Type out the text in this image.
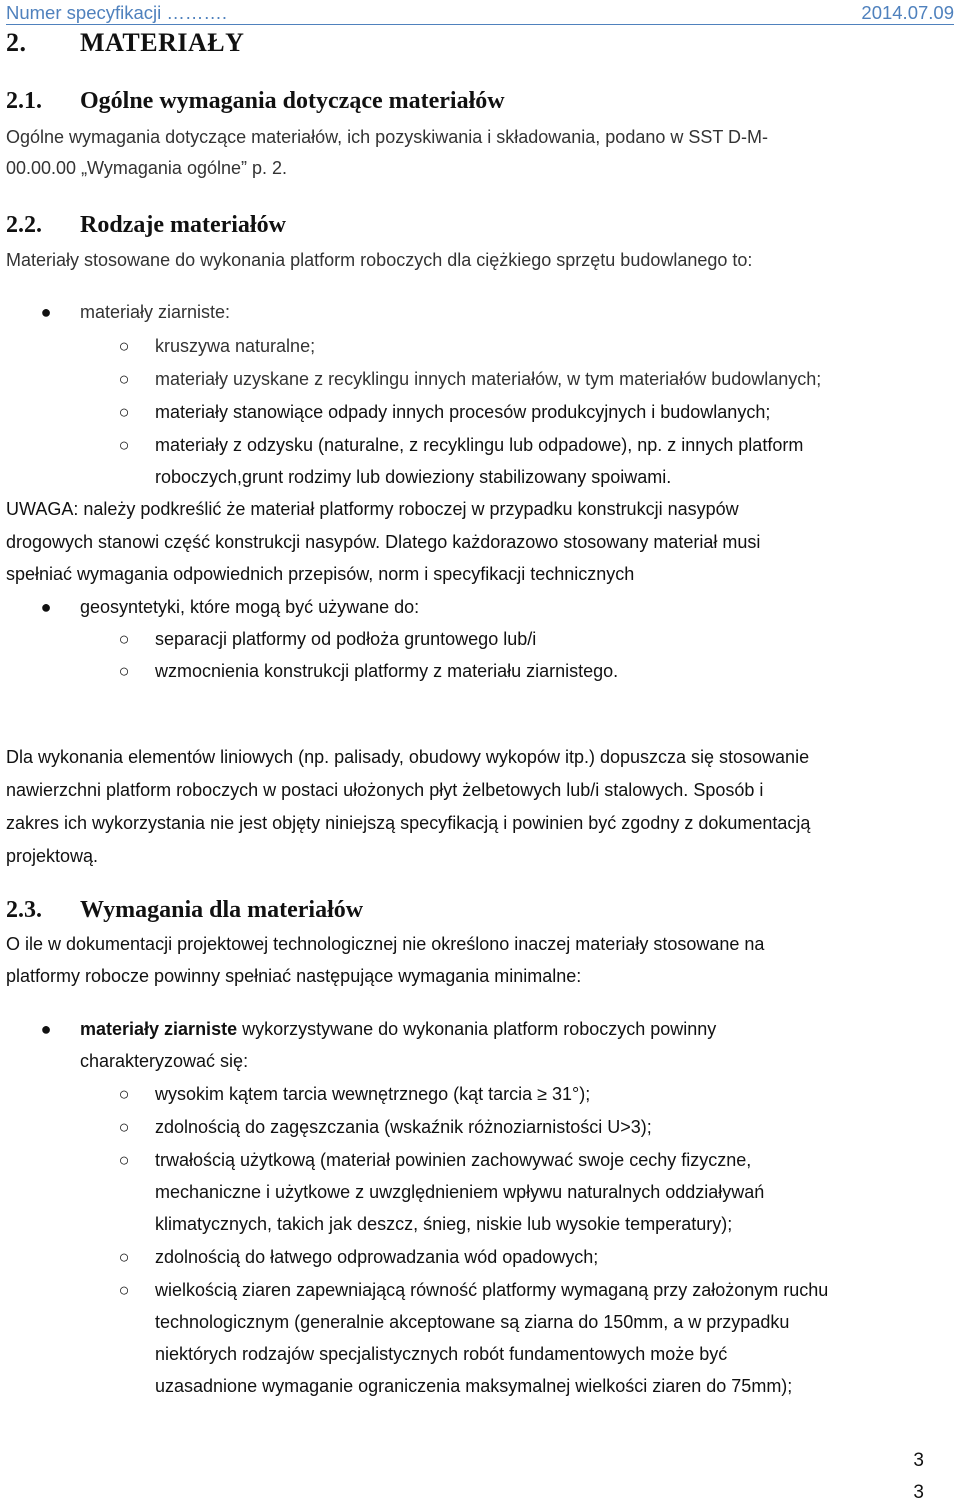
Numer specyfikacji ……….	2014.07.09
2. MATERIAŁY
2.1. Ogólne wymagania dotyczące materiałów
Ogólne wymagania dotyczące materiałów, ich pozyskiwania i składowania, podano w SST D-M-
00.00.00 „Wymagania ogólne” p. 2.
2.2. Rodzaje materiałów
Materiały stosowane do wykonania platform roboczych dla ciężkiego sprzętu budowlanego to:
● materiały ziarniste:
○ kruszywa naturalne;
○ materiały uzyskane z recyklingu innych materiałów, w tym materiałów budowlanych;
○ materiały stanowiące odpady innych procesów produkcyjnych i budowlanych;
○ materiały z odzysku (naturalne, z recyklingu lub odpadowe), np. z innych platform
roboczych,grunt rodzimy lub dowieziony stabilizowany spoiwami.
UWAGA: należy podkreślić że materiał platformy roboczej w przypadku konstrukcji nasypów
drogowych stanowi część konstrukcji nasypów. Dlatego każdorazowo stosowany materiał musi
spełniać wymagania odpowiednich przepisów, norm i specyfikacji technicznych
● geosyntetyki, które mogą być używane do:
○ separacji platformy od podłoża gruntowego lub/i
○ wzmocnienia konstrukcji platformy z materiału ziarnistego.
Dla wykonania elementów liniowych (np. palisady, obudowy wykopów itp.) dopuszcza się stosowanie
nawierzchni platform roboczych w postaci ułożonych płyt żelbetowych lub/i stalowych. Sposób i
zakres ich wykorzystania nie jest objęty niniejszą specyfikacją i powinien być zgodny z dokumentacją
projektową.
2.3. Wymagania dla materiałów
O ile w dokumentacji projektowej technologicznej nie określono inaczej materiały stosowane na
platformy robocze powinny spełniać następujące wymagania minimalne:
● materiały ziarniste wykorzystywane do wykonania platform roboczych powinny
charakteryzować się:
○ wysokim kątem tarcia wewnętrznego (kąt tarcia ≥ 31°);
○ zdolnością do zagęszczania (wskaźnik różnoziarnistości U>3);
○ trwałością użytkową (materiał powinien zachowywać swoje cechy fizyczne,
mechaniczne i użytkowe z uwzględnieniem wpływu naturalnych oddziaływań
klimatycznych, takich jak deszcz, śnieg, niskie lub wysokie temperatury);
○ zdolnością do łatwego odprowadzania wód opadowych;
○ wielkością ziaren zapewniającą równość platformy wymaganą przy założonym ruchu
technologicznym (generalnie akceptowane są ziarna do 150mm, a w przypadku
niektórych rodzajów specjalistycznych robót fundamentowych może być
uzasadnione wymaganie ograniczenia maksymalnej wielkości ziaren do 75mm);
3
3
